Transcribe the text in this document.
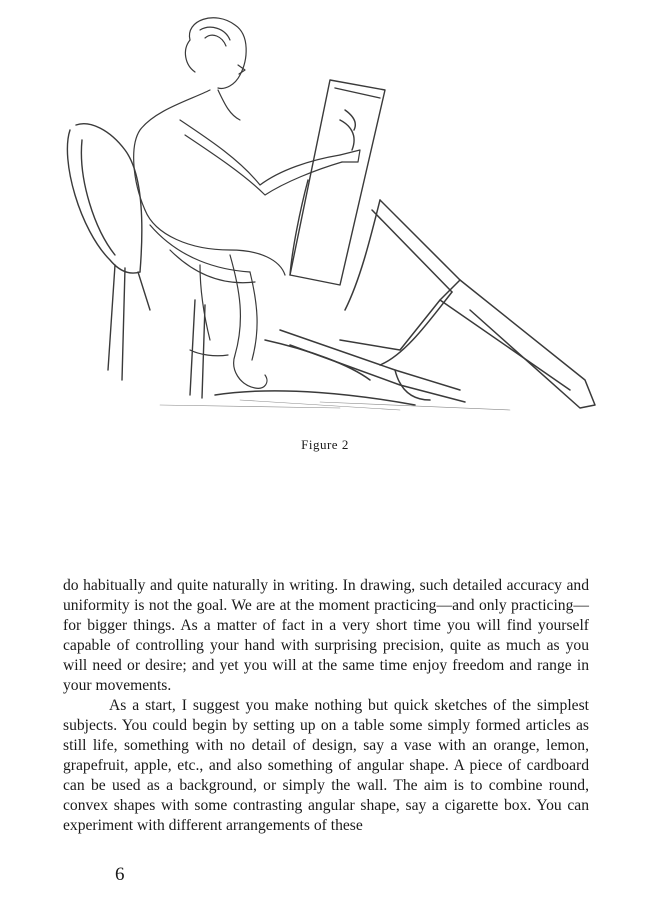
Figure 2

do habitually and quite naturally in writing. In drawing, such detailed accuracy and uniformity is not the goal. We are at the moment practicing—and only practicing—for bigger things. As a matter of fact in a very short time you will find yourself capable of controlling your hand with surprising precision, quite as much as you will need or desire; and yet you will at the same time enjoy freedom and range in your movements.

As a start, I suggest you make nothing but quick sketches of the simplest subjects. You could begin by setting up on a table some simply formed articles as still life, something with no detail of design, say a vase with an orange, lemon, grapefruit, apple, etc., and also something of angular shape. A piece of cardboard can be used as a background, or simply the wall. The aim is to combine round, convex shapes with some contrasting angular shape, say a cigarette box. You can experiment with different arrangements of these

6
